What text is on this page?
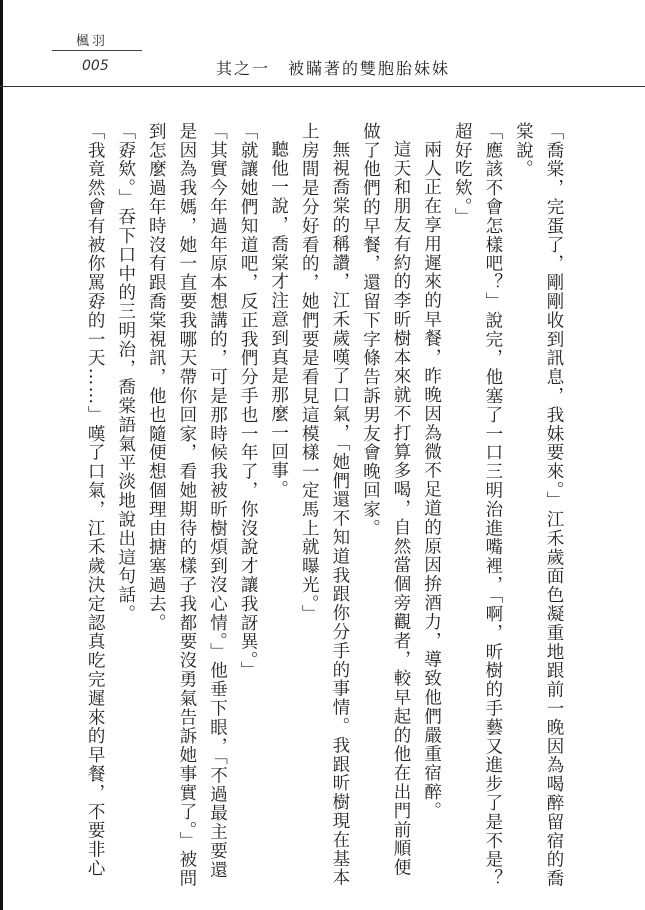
楓羽
005	其之一　被瞞著的雙胞胎妹妹

「喬棠，完蛋了，剛剛收到訊息，我妹要來。」江禾歲面色凝重地跟前一晚因為喝醉留宿的喬棠說。

「應該不會怎樣吧？」說完，他塞了一口三明治進嘴裡，「啊，昕樹的手藝又進步了是不是？超好吃欸。」

兩人正在享用遲來的早餐，昨晚因為微不足道的原因拚酒力，導致他們嚴重宿醉。

這天和朋友有約的李昕樹本來就不打算多喝，自然當個旁觀者，較早起的他在出門前順便做了他們的早餐，還留下字條告訴男友會晚回家。

無視喬棠的稱讚，江禾歲嘆了口氣，「她們還不知道我跟你分手的事情。我跟昕樹現在基本上房間是分好看的，她們要是看見這模樣一定馬上就曝光。」

聽他一說，喬棠才注意到真是那麼一回事。

「就讓她們知道吧，反正我們分手也一年了，你沒說才讓我訝異。」

「其實今年過年原本想講的，可是那時候我被昕樹煩到沒心情。」他垂下眼，「不過最主要還是因為我媽，她一直要我哪天帶你回家，看她期待的樣子我都要沒勇氣告訴她事實了。」被問到怎麼過年時沒有跟喬棠視訊，他也隨便想個理由搪塞過去。

「孬欸。」吞下口中的三明治，喬棠語氣平淡地說出這句話。

「我竟然會有被你罵孬的一天……」嘆了口氣，江禾歲決定認真吃完遲來的早餐，不要非心
